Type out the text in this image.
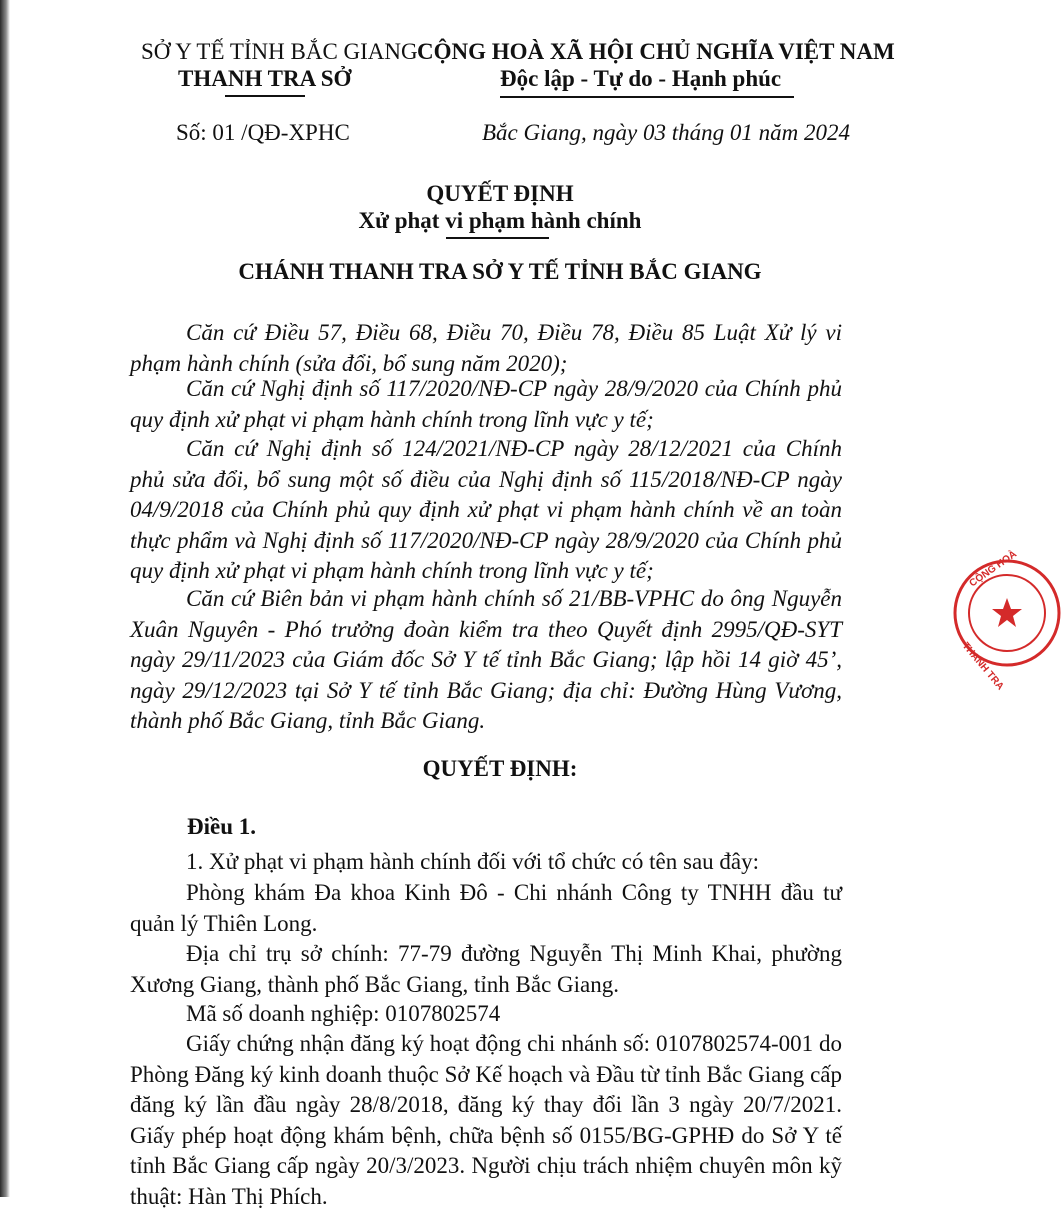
SỞ Y TẾ TỈNH BẮC GIANG
THANH TRA SỞ
CỘNG HOÀ XÃ HỘI CHỦ NGHĨA VIỆT NAM
Độc lập - Tự do - Hạnh phúc
Số: 01 /QĐ-XPHC	Bắc Giang, ngày 03 tháng 01 năm 2024
QUYẾT ĐỊNH
Xử phạt vi phạm hành chính
CHÁNH THANH TRA SỞ Y TẾ TỈNH BẮC GIANG

Căn cứ Điều 57, Điều 68, Điều 70, Điều 78, Điều 85 Luật Xử lý vi phạm hành chính (sửa đổi, bổ sung năm 2020);

Căn cứ Nghị định số 117/2020/NĐ-CP ngày 28/9/2020 của Chính phủ quy định xử phạt vi phạm hành chính trong lĩnh vực y tế;

Căn cứ Nghị định số 124/2021/NĐ-CP ngày 28/12/2021 của Chính phủ sửa đổi, bổ sung một số điều của Nghị định số 115/2018/NĐ-CP ngày 04/9/2018 của Chính phủ quy định xử phạt vi phạm hành chính về an toàn thực phẩm và Nghị định số 117/2020/NĐ-CP ngày 28/9/2020 của Chính phủ quy định xử phạt vi phạm hành chính trong lĩnh vực y tế;

Căn cứ Biên bản vi phạm hành chính số 21/BB-VPHC do ông Nguyễn Xuân Nguyên - Phó trưởng đoàn kiểm tra theo Quyết định 2995/QĐ-SYT ngày 29/11/2023 của Giám đốc Sở Y tế tỉnh Bắc Giang; lập hồi 14 giờ 45’, ngày 29/12/2023 tại Sở Y tế tỉnh Bắc Giang; địa chỉ: Đường Hùng Vương, thành phố Bắc Giang, tỉnh Bắc Giang.

QUYẾT ĐỊNH:
Điều 1.

1. Xử phạt vi phạm hành chính đối với tổ chức có tên sau đây:

Phòng khám Đa khoa Kinh Đô - Chi nhánh Công ty TNHH đầu tư quản lý Thiên Long.

Địa chỉ trụ sở chính: 77-79 đường Nguyễn Thị Minh Khai, phường Xương Giang, thành phố Bắc Giang, tỉnh Bắc Giang.

Mã số doanh nghiệp: 0107802574

Giấy chứng nhận đăng ký hoạt động chi nhánh số: 0107802574-001 do Phòng Đăng ký kinh doanh thuộc Sở Kế hoạch và Đầu từ tỉnh Bắc Giang cấp đăng ký lần đầu ngày 28/8/2018, đăng ký thay đổi lần 3 ngày 20/7/2021. Giấy phép hoạt động khám bệnh, chữa bệnh số 0155/BG-GPHĐ do Sở Y tế tỉnh Bắc Giang cấp ngày 20/3/2023. Người chịu trách nhiệm chuyên môn kỹ thuật: Hàn Thị Phích.

CỘNG HOÀ
THANH TRA
